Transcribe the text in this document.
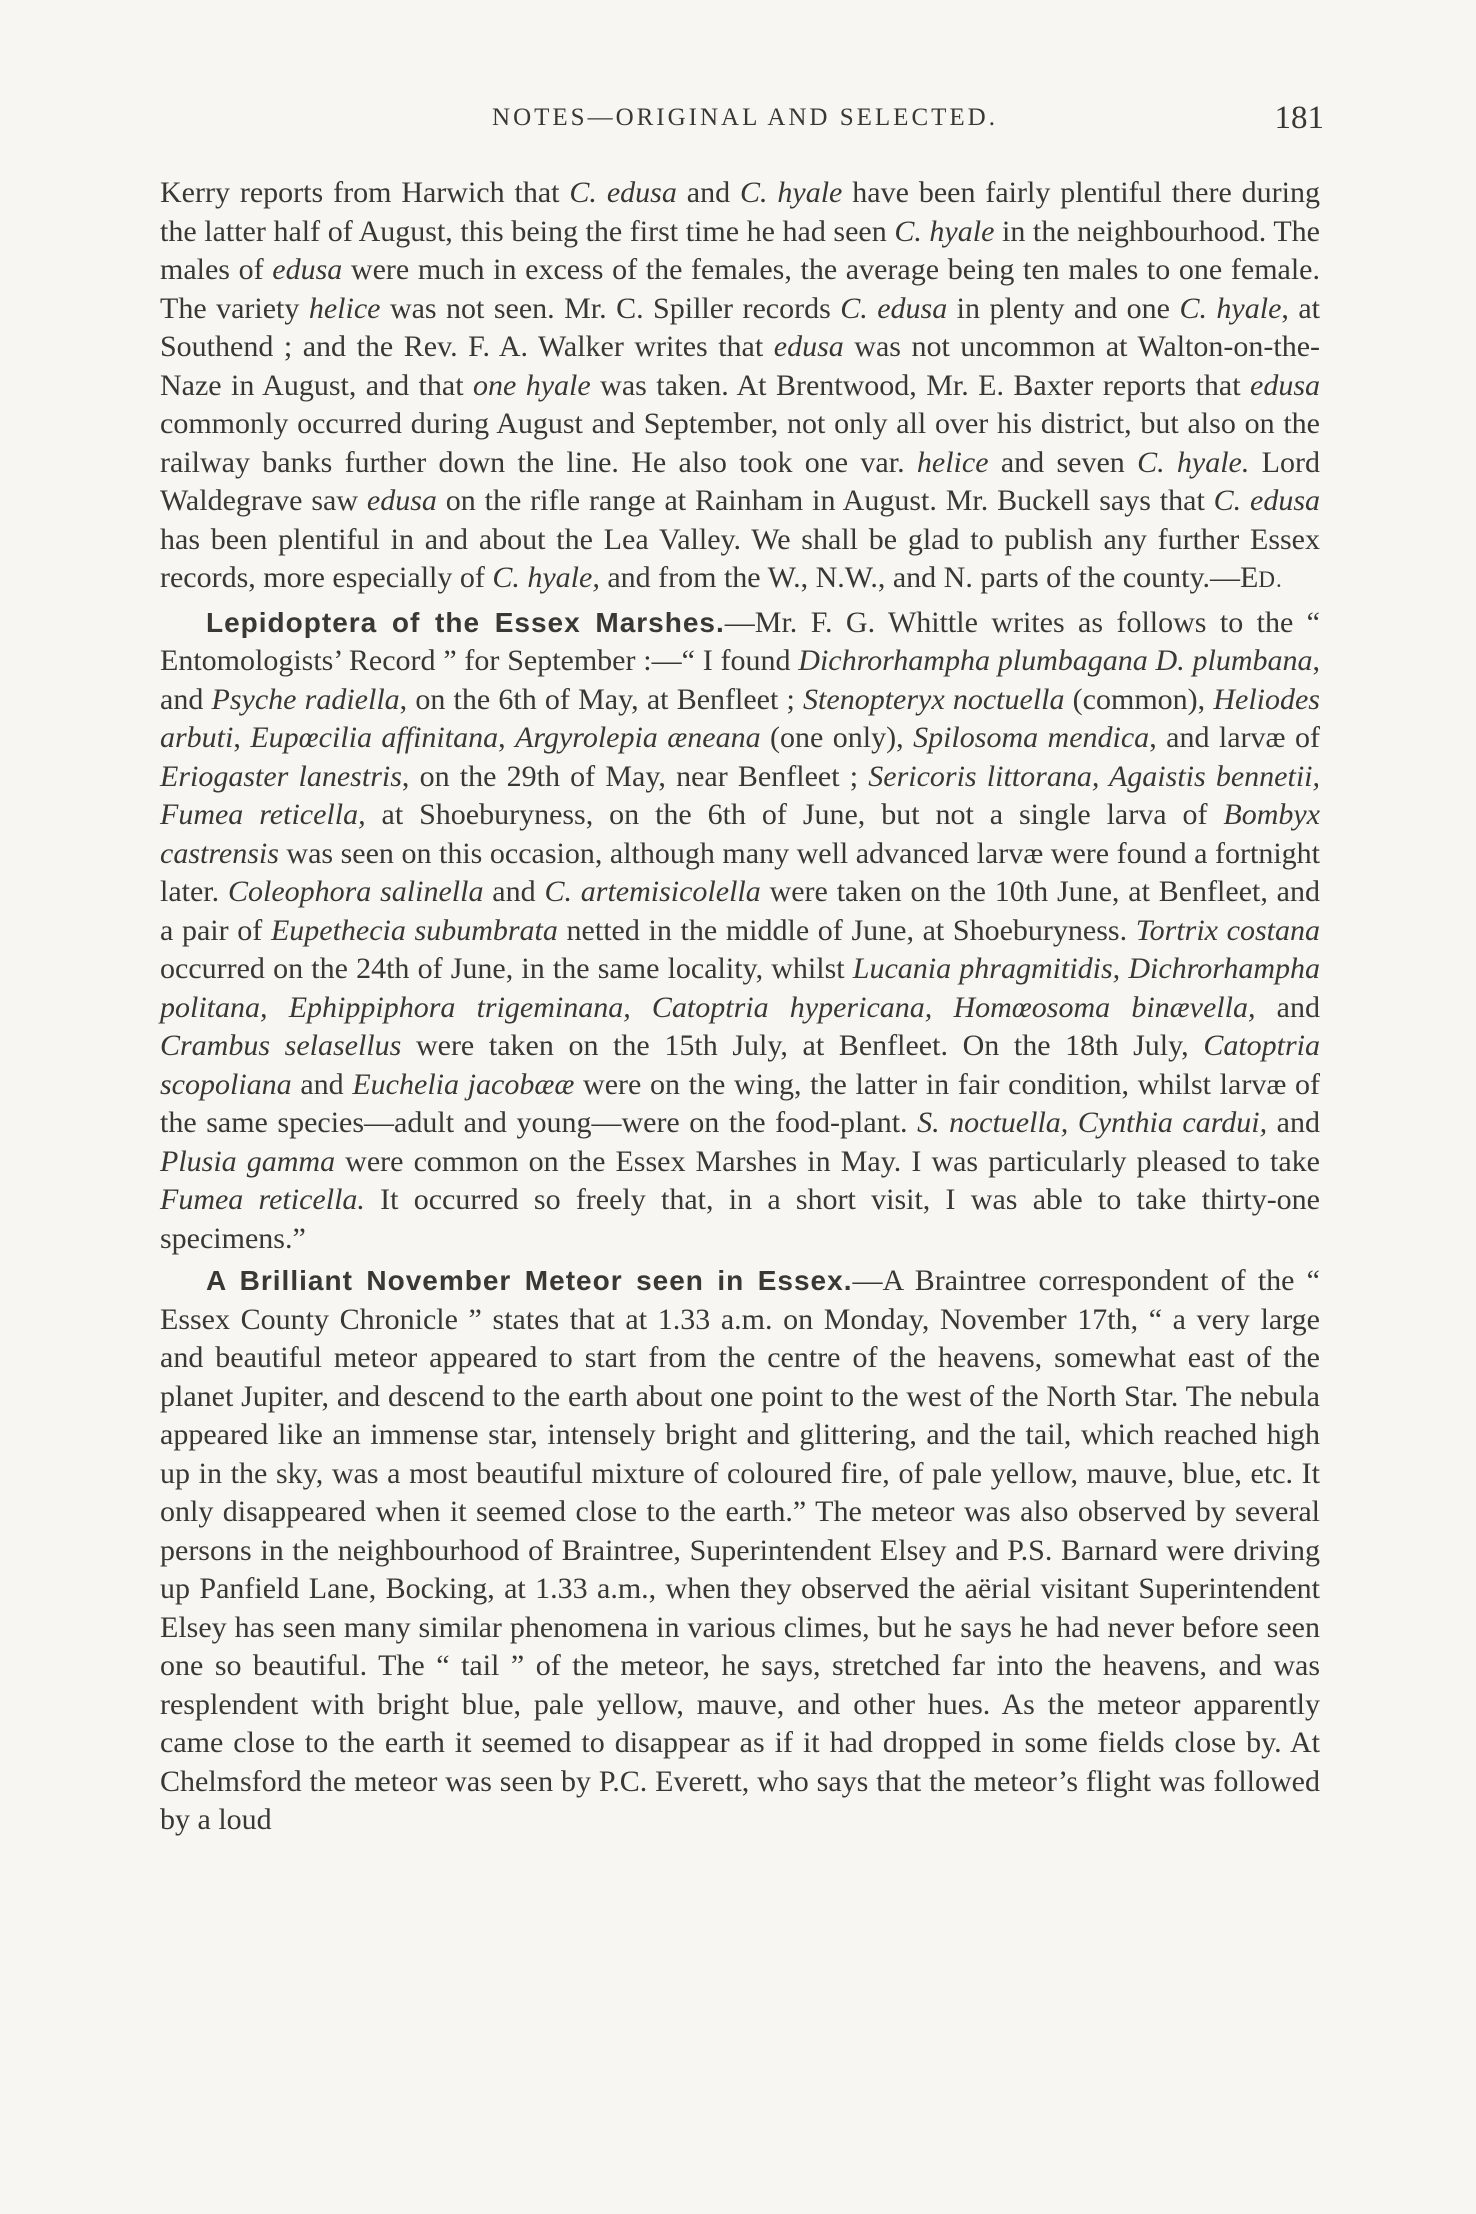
NOTES—ORIGINAL AND SELECTED.	181

Kerry reports from Harwich that C. edusa and C. hyale have been fairly plentiful there during the latter half of August, this being the first time he had seen C. hyale in the neighbourhood. The males of edusa were much in excess of the females, the average being ten males to one female. The variety helice was not seen. Mr. C. Spiller records C. edusa in plenty and one C. hyale, at Southend ; and the Rev. F. A. Walker writes that edusa was not uncommon at Walton-on-the-Naze in August, and that one hyale was taken. At Brentwood, Mr. E. Baxter reports that edusa commonly occurred during August and September, not only all over his district, but also on the railway banks further down the line. He also took one var. helice and seven C. hyale. Lord Waldegrave saw edusa on the rifle range at Rainham in August. Mr. Buckell says that C. edusa has been plentiful in and about the Lea Valley. We shall be glad to publish any further Essex records, more especially of C. hyale, and from the W., N.W., and N. parts of the county.—ED.

Lepidoptera of the Essex Marshes.—Mr. F. G. Whittle writes as follows to the “ Entomologists’ Record ” for September :—“ I found Dichrorhampha plumbagana D. plumbana, and Psyche radiella, on the 6th of May, at Benfleet ; Stenopteryx noctuella (common), Heliodes arbuti, Eupœcilia affinitana, Argyrolepia æneana (one only), Spilosoma mendica, and larvæ of Eriogaster lanestris, on the 29th of May, near Benfleet ; Sericoris littorana, Agaistis bennetii, Fumea reticella, at Shoeburyness, on the 6th of June, but not a single larva of Bombyx castrensis was seen on this occasion, although many well advanced larvæ were found a fortnight later. Coleophora salinella and C. artemisicolella were taken on the 10th June, at Benfleet, and a pair of Eupethecia subumbrata netted in the middle of June, at Shoeburyness. Tortrix costana occurred on the 24th of June, in the same locality, whilst Lucania phragmitidis, Dichrorhampha politana, Ephippiphora trigeminana, Catoptria hypericana, Homœosoma binævella, and Crambus selasellus were taken on the 15th July, at Benfleet. On the 18th July, Catoptria scopoliana and Euchelia jacobææ were on the wing, the latter in fair condition, whilst larvæ of the same species—adult and young—were on the food-plant. S. noctuella, Cynthia cardui, and Plusia gamma were common on the Essex Marshes in May. I was particularly pleased to take Fumea reticella. It occurred so freely that, in a short visit, I was able to take thirty-one specimens.”

A Brilliant November Meteor seen in Essex.—A Braintree correspondent of the “ Essex County Chronicle ” states that at 1.33 a.m. on Monday, November 17th, “ a very large and beautiful meteor appeared to start from the centre of the heavens, somewhat east of the planet Jupiter, and descend to the earth about one point to the west of the North Star. The nebula appeared like an immense star, intensely bright and glittering, and the tail, which reached high up in the sky, was a most beautiful mixture of coloured fire, of pale yellow, mauve, blue, etc. It only disappeared when it seemed close to the earth.” The meteor was also observed by several persons in the neighbourhood of Braintree, Superintendent Elsey and P.S. Barnard were driving up Panfield Lane, Bocking, at 1.33 a.m., when they observed the aërial visitant Superintendent Elsey has seen many similar phenomena in various climes, but he says he had never before seen one so beautiful. The “ tail ” of the meteor, he says, stretched far into the heavens, and was resplendent with bright blue, pale yellow, mauve, and other hues. As the meteor apparently came close to the earth it seemed to disappear as if it had dropped in some fields close by. At Chelmsford the meteor was seen by P.C. Everett, who says that the meteor’s flight was followed by a loud
